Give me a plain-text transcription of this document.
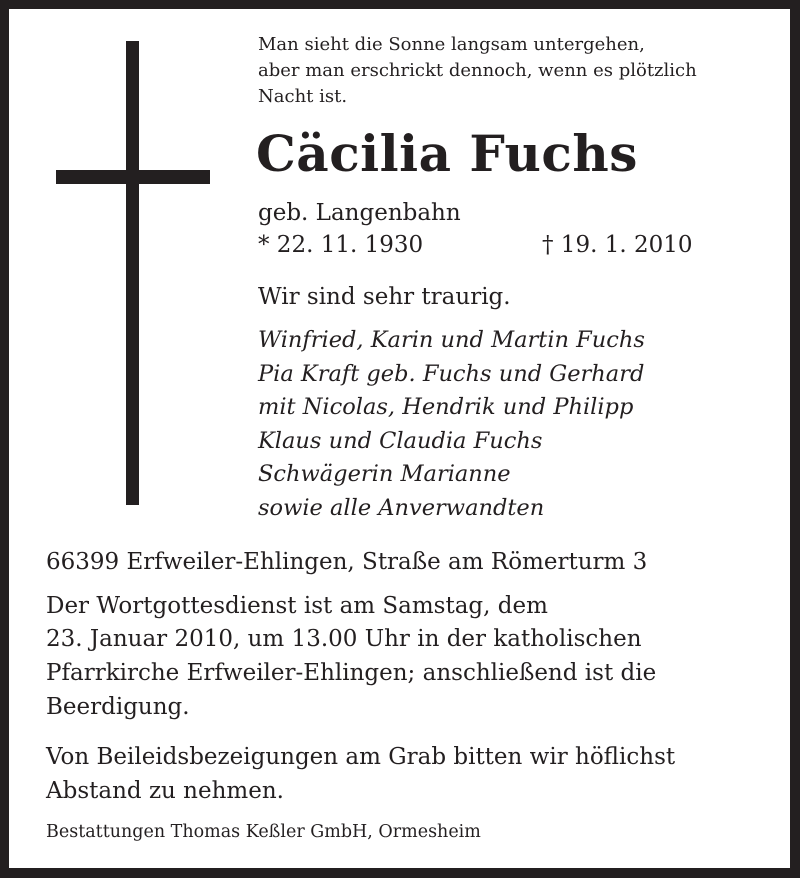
Man sieht die Sonne langsam untergehen,
aber man erschrickt dennoch, wenn es plötzlich
Nacht ist.
Cäcilia Fuchs
geb. Langenbahn
* 22. 11. 1930	† 19. 1. 2010
Wir sind sehr traurig.
Winfried, Karin und Martin Fuchs
Pia Kraft geb. Fuchs und Gerhard
mit Nicolas, Hendrik und Philipp
Klaus und Claudia Fuchs
Schwägerin Marianne
sowie alle Anverwandten
66399 Erfweiler-Ehlingen, Straße am Römerturm 3
Der Wortgottesdienst ist am Samstag, dem
23. Januar 2010, um 13.00 Uhr in der katholischen
Pfarrkirche Erfweiler-Ehlingen; anschließend ist die
Beerdigung.
Von Beileidsbezeigungen am Grab bitten wir höflichst
Abstand zu nehmen.
Bestattungen Thomas Keßler GmbH, Ormesheim
